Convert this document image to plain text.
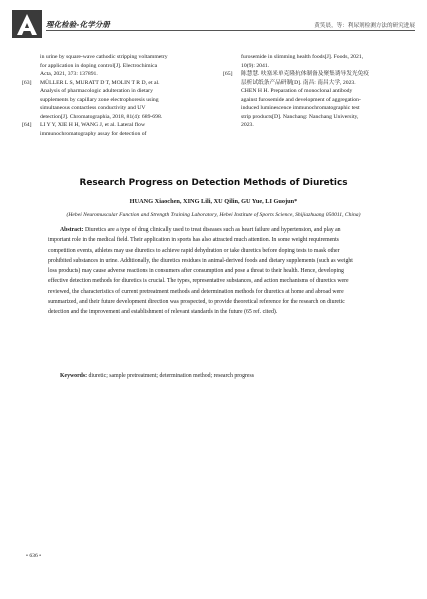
理化检验-化学分册	黄笑晨，等：利尿剂检测方法的研究进展
in urine by square-wave cathodic stripping voltammetry
for application in doping control[J]. Electrochimica
Acta, 2021, 373: 137891.
[63] MÜLLER L S, MURATT D T, MOLIN T R D, et al.
Analysis of pharmacologic adulteration in dietary
supplements by capillary zone electrophoresis using
simultaneous contactless conductivity and UV
detection[J]. Chromatographia, 2018, 81(4): 689-698.
[64] LI Y Y, XIE H H, WANG J, et al. Lateral flow
immunochromatography assay for detection of
furosemide in slimming health foods[J]. Foods, 2021,
10(9): 2041.
[65] 陈慧慧. 呋塞米单克隆抗体制备及聚集诱导发光免疫
层析试纸条产品研制[D]. 南昌: 南昌大学, 2023.
CHEN H H. Preparation of monoclonal antibody
against furosemide and development of aggregation-
induced luminescence immunochromatographic test
strip products[D]. Nanchang: Nanchang University,
2023.
Research Progress on Detection Methods of Diuretics
HUANG Xiaochen, XING Lili, XU Qilin, GU Yue, LI Guojun*
(Hebei Neuromuscular Function and Strength Training Laboratory, Hebei Institute of Sports Science, Shijiazhuang 050011, China)
Abstract: Diuretics are a type of drug clinically used to treat diseases such as heart failure and hypertension, and play an
important role in the medical field. Their application in sports has also attracted much attention. In some weight requirements
competition events, athletes may use diuretics to achieve rapid dehydration or take diuretics before doping tests to mask other
prohibited substances in urine. Additionally, the diuretics residues in animal-derived foods and dietary supplements (such as weight
loss products) may cause adverse reactions in consumers after consumption and pose a threat to their health. Hence, developing
effective detection methods for diuretics is crucial. The types, representative substances, and action mechanisms of diuretics were
reviewed, the characteristics of current pretreatment methods and determination methods for diuretics at home and abroad were
summarized, and their future development direction was prospected, to provide theoretical reference for the research on diuretic
detection and the improvement and establishment of relevant standards in the future (65 ref. cited).
Keywords: diuretic; sample pretreatment; determination method; research progress
• 636 •
